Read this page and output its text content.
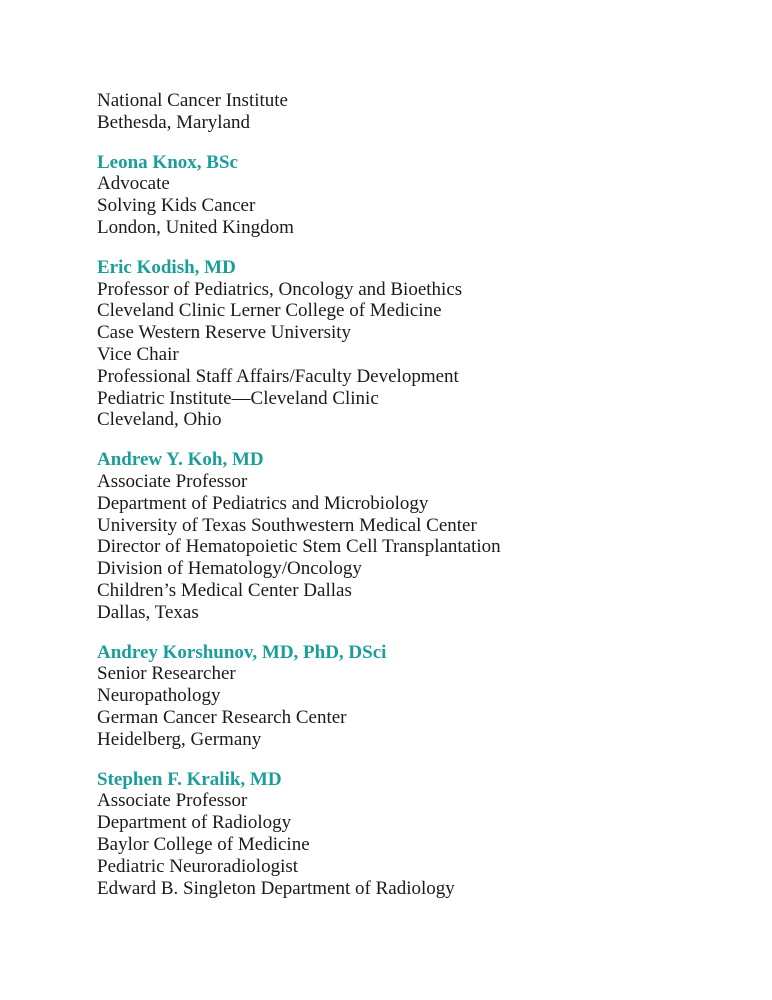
National Cancer Institute
Bethesda, Maryland
Leona Knox, BSc
Advocate
Solving Kids Cancer
London, United Kingdom
Eric Kodish, MD
Professor of Pediatrics, Oncology and Bioethics
Cleveland Clinic Lerner College of Medicine
Case Western Reserve University
Vice Chair
Professional Staff Affairs/Faculty Development
Pediatric Institute—Cleveland Clinic
Cleveland, Ohio
Andrew Y. Koh, MD
Associate Professor
Department of Pediatrics and Microbiology
University of Texas Southwestern Medical Center
Director of Hematopoietic Stem Cell Transplantation
Division of Hematology/Oncology
Children’s Medical Center Dallas
Dallas, Texas
Andrey Korshunov, MD, PhD, DSci
Senior Researcher
Neuropathology
German Cancer Research Center
Heidelberg, Germany
Stephen F. Kralik, MD
Associate Professor
Department of Radiology
Baylor College of Medicine
Pediatric Neuroradiologist
Edward B. Singleton Department of Radiology
